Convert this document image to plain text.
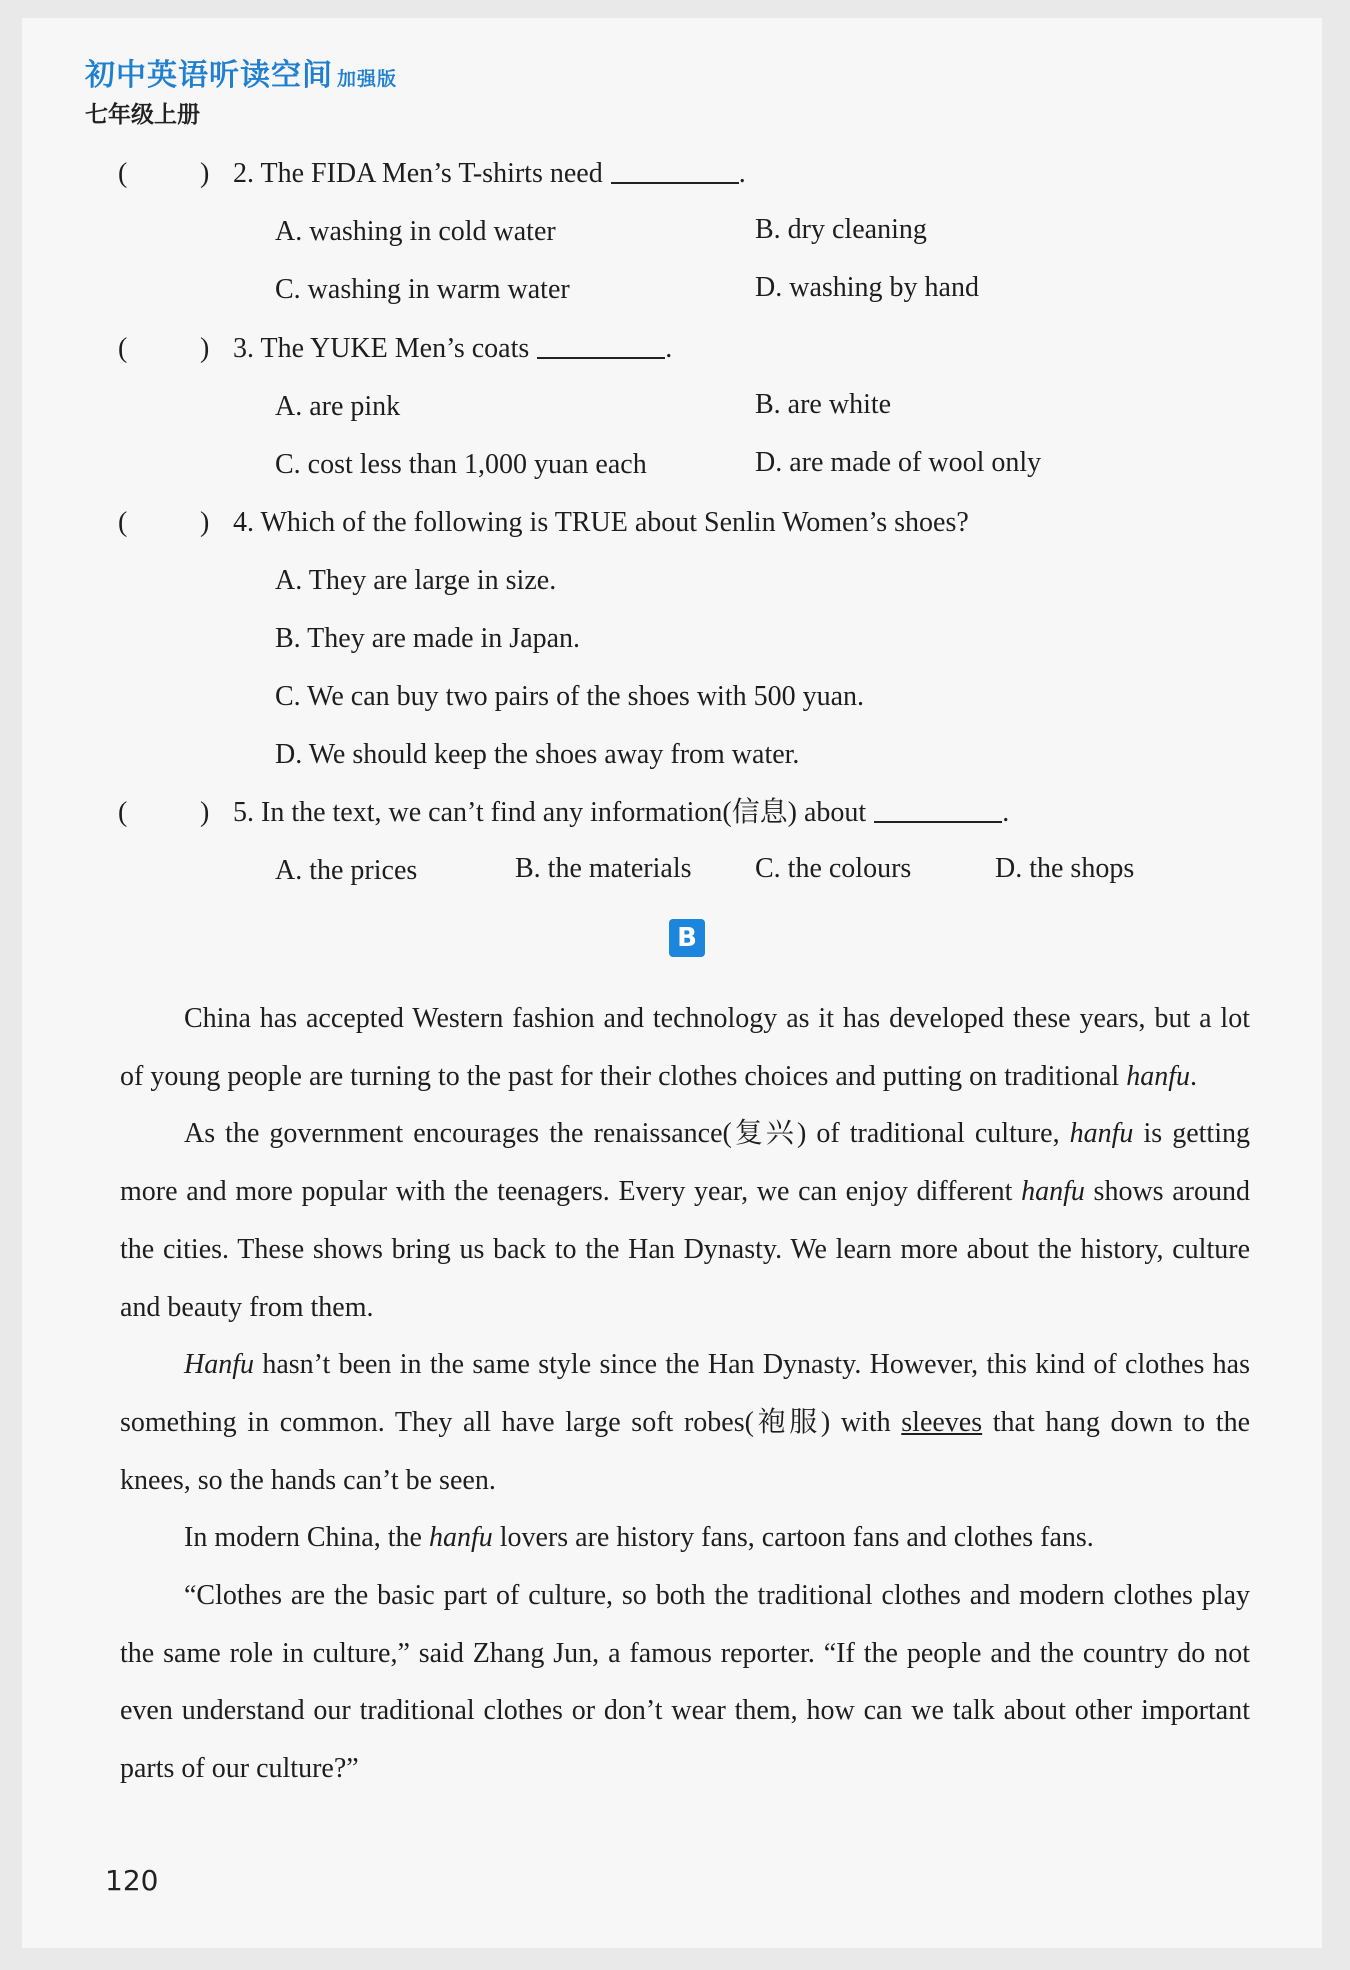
初中英语听读空间 加强版
七年级上册
(	) 2. The FIDA Men’s T-shirts need	.
A. washing in cold water	B. dry cleaning
C. washing in warm water	D. washing by hand
(	) 3. The YUKE Men’s coats	.
A. are pink	B. are white
C. cost less than 1,000 yuan each	D. are made of wool only
(	) 4. Which of the following is TRUE about Senlin Women’s shoes?
A. They are large in size.
B. They are made in Japan.
C. We can buy two pairs of the shoes with 500 yuan.
D. We should keep the shoes away from water.
(	) 5. In the text, we can’t find any information(信息) about	.
A. the prices	B. the materials C. the colours	D. the shops
B

China has accepted Western fashion and technology as it has developed these years, but a lot of young people are turning to the past for their clothes choices and putting on traditional hanfu.

As the government encourages the renaissance(复兴) of traditional culture, hanfu is getting more and more popular with the teenagers. Every year, we can enjoy different hanfu shows around the cities. These shows bring us back to the Han Dynasty. We learn more about the history, culture and beauty from them.

Hanfu hasn’t been in the same style since the Han Dynasty. However, this kind of clothes has something in common. They all have large soft robes(袍服) with sleeves that hang down to the knees, so the hands can’t be seen.

In modern China, the hanfu lovers are history fans, cartoon fans and clothes fans.

“Clothes are the basic part of culture, so both the traditional clothes and modern clothes play the same role in culture,” said Zhang Jun, a famous reporter. “If the people and the country do not even understand our traditional clothes or don’t wear them, how can we talk about other important parts of our culture?”

120
